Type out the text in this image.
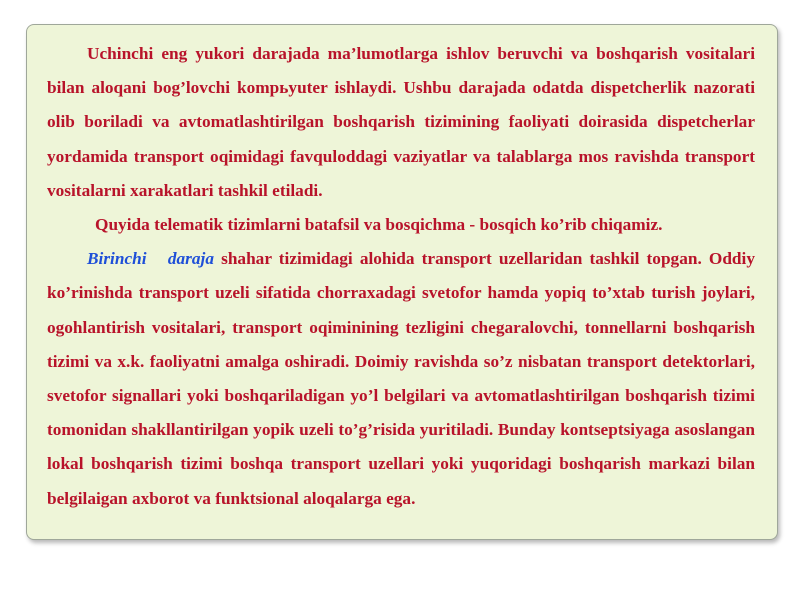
Uchinchi eng yukori darajada ma’lumotlarga ishlov beruvchi va boshqarish vositalari bilan aloqani bog’lovchi kompьyuter ishlaydi. Ushbu darajada odatda dispetcherlik nazorati olib boriladi va avtomatlashtirilgan boshqarish tizimining faoliyati doirasida dispetcherlar yordamida transport oqimidagi favquloddagi vaziyatlar va talablarga mos ravishda transport vositalarni xarakatlari tashkil etiladi.

Quyida telematik tizimlarni batafsil va bosqichma - bosqich ko’rib chiqamiz.

Birinchi daraja shahar tizimidagi alohida transport uzellaridan tashkil topgan. Oddiy ko’rinishda transport uzeli sifatida chorraxadagi svetofor hamda yopiq to’xtab turish joylari, ogohlantirish vositalari, transport oqiminining tezligini chegaralovchi, tonnellarni boshqarish tizimi va x.k. faoliyatni amalga oshiradi. Doimiy ravishda so’z nisbatan transport detektorlari, svetofor signallari yoki boshqariladigan yo’l belgilari va avtomatlashtirilgan boshqarish tizimi tomonidan shakllantirilgan yopik uzeli to’g’risida yuritiladi. Bunday kontseptsiyaga asoslangan lokal boshqarish tizimi boshqa transport uzellari yoki yuqoridagi boshqarish markazi bilan belgilaigan axborot va funktsional aloqalarga ega.
